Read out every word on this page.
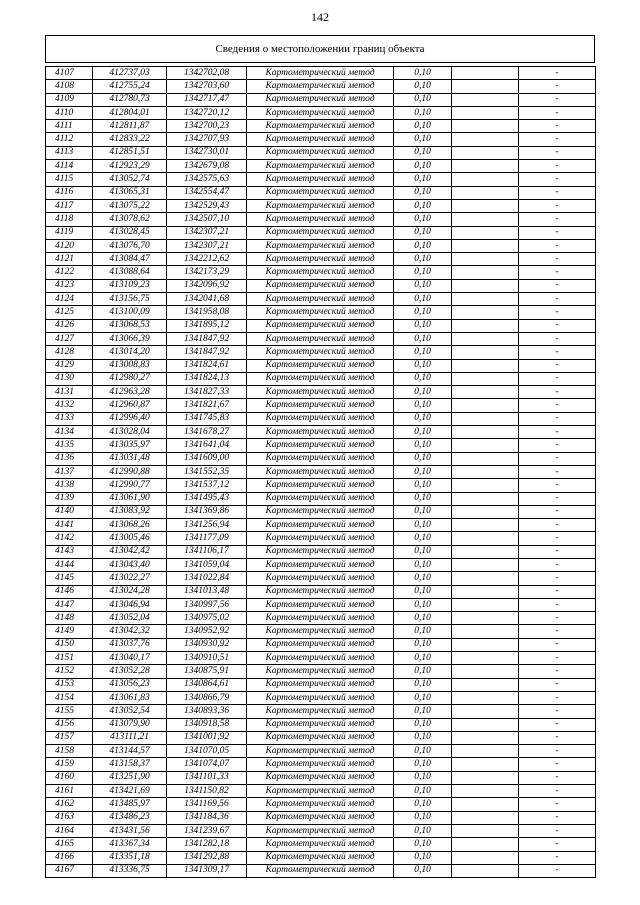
142
Сведения о местоположении границ объекта
4107	412737,03	1342702,08	Картометрический метод	0,10		-
4108	412755,24	1342703,60	Картометрический метод	0,10		-
4109	412780,73	1342717,47	Картометрический метод	0,10		-
4110	412804,01	1342720,12	Картометрический метод	0,10		-
4111	412811,87	1342700,23	Картометрический метод	0,10		-
4112	412833,22	1342707,93	Картометрический метод	0,10		-
4113	412851,51	1342730,01	Картометрический метод	0,10		-
4114	412923,29	1342679,08	Картометрический метод	0,10		-
4115	413052,74	1342575,63	Картометрический метод	0,10		-
4116	413065,31	1342554,47	Картометрический метод	0,10		-
4117	413075,22	1342529,43	Картометрический метод	0,10		-
4118	413078,62	1342507,10	Картометрический метод	0,10		-
4119	413028,45	1342307,21	Картометрический метод	0,10		-
4120	413076,70	1342307,21	Картометрический метод	0,10		-
4121	413084,47	1342212,62	Картометрический метод	0,10		-
4122	413088,64	1342173,29	Картометрический метод	0,10		-
4123	413109,23	1342096,92	Картометрический метод	0,10		-
4124	413156,75	1342041,68	Картометрический метод	0,10		-
4125	413100,09	1341958,08	Картометрический метод	0,10		-
4126	413068,53	1341895,12	Картометрический метод	0,10		-
4127	413066,39	1341847,92	Картометрический метод	0,10		-
4128	413014,20	1341847,92	Картометрический метод	0,10		-
4129	413008,83	1341824,61	Картометрический метод	0,10		-
4130	412980,27	1341824,13	Картометрический метод	0,10		-
4131	412963,28	1341827,33	Картометрический метод	0,10		-
4132	412960,87	1341821,67	Картометрический метод	0,10		-
4133	412996,40	1341745,83	Картометрический метод	0,10		-
4134	413028,04	1341678,27	Картометрический метод	0,10		-
4135	413035,97	1341641,04	Картометрический метод	0,10		-
4136	413031,48	1341609,00	Картометрический метод	0,10		-
4137	412990,88	1341552,35	Картометрический метод	0,10		-
4138	412990,77	1341537,12	Картометрический метод	0,10		-
4139	413061,90	1341495,43	Картометрический метод	0,10		-
4140	413083,92	1341369,86	Картометрический метод	0,10		-
4141	413068,26	1341256,94	Картометрический метод	0,10		-
4142	413005,46	1341177,09	Картометрический метод	0,10		-
4143	413042,42	1341106,17	Картометрический метод	0,10		-
4144	413043,40	1341059,04	Картометрический метод	0,10		-
4145	413022,27	1341022,84	Картометрический метод	0,10		-
4146	413024,28	1341013,48	Картометрический метод	0,10		-
4147	413046,94	1340997,56	Картометрический метод	0,10		-
4148	413052,04	1340975,02	Картометрический метод	0,10		-
4149	413042,32	1340952,92	Картометрический метод	0,10		-
4150	413037,76	1340930,92	Картометрический метод	0,10		-
4151	413040,17	1340910,51	Картометрический метод	0,10		-
4152	413052,28	1340875,91	Картометрический метод	0,10		-
4153	413056,23	1340864,61	Картометрический метод	0,10		-
4154	413061,83	1340866,79	Картометрический метод	0,10		-
4155	413052,54	1340893,36	Картометрический метод	0,10		-
4156	413079,90	1340918,58	Картометрический метод	0,10		-
4157	413111,21	1341001,92	Картометрический метод	0,10		-
4158	413144,57	1341070,05	Картометрический метод	0,10		-
4159	413158,37	1341074,07	Картометрический метод	0,10		-
4160	413251,90	1341101,33	Картометрический метод	0,10		-
4161	413421,69	1341150,82	Картометрический метод	0,10		-
4162	413485,97	1341169,56	Картометрический метод	0,10		-
4163	413486,23	1341184,36	Картометрический метод	0,10		-
4164	413431,56	1341239,67	Картометрический метод	0,10		-
4165	413367,34	1341282,18	Картометрический метод	0,10		-
4166	413351,18	1341292,88	Картометрический метод	0,10		-
4167	413336,75	1341309,17	Картометрический метод	0,10		-
